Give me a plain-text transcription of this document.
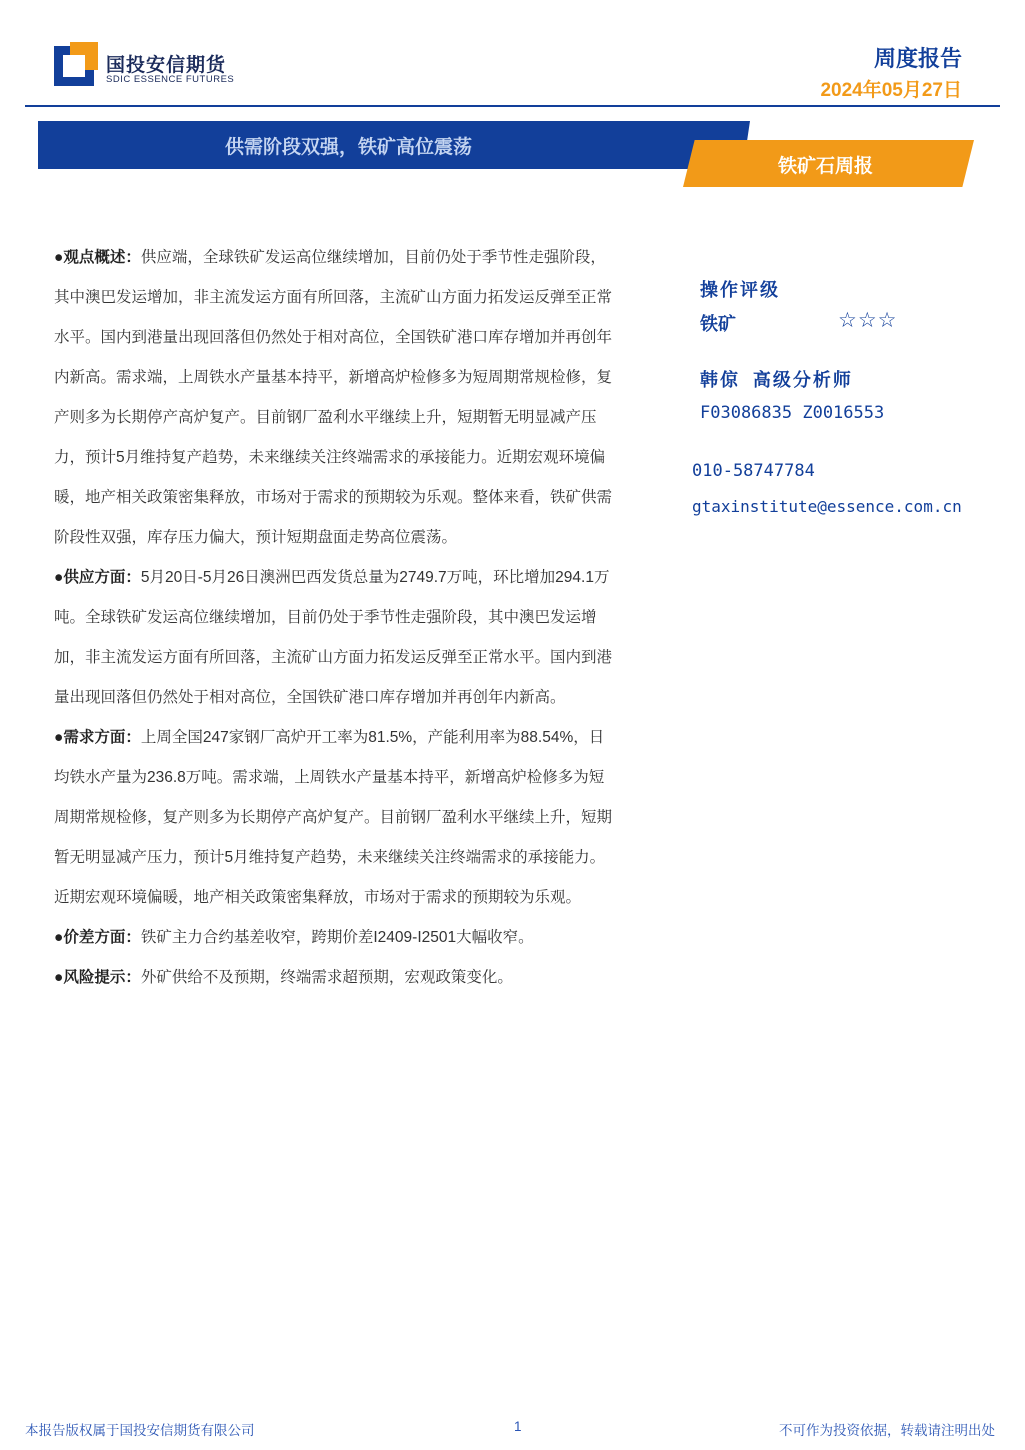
国投安信期货
SDIC ESSENCE FUTURES
周度报告
2024年05月27日
供需阶段双强，铁矿高位震荡
铁矿石周报

●观点概述：供应端，全球铁矿发运高位继续增加，目前仍处于季节性走强阶段，其中澳巴发运增加，非主流发运方面有所回落，主流矿山方面力拓发运反弹至正常水平。国内到港量出现回落但仍然处于相对高位，全国铁矿港口库存增加并再创年内新高。需求端，上周铁水产量基本持平，新增高炉检修多为短周期常规检修，复产则多为长期停产高炉复产。目前钢厂盈利水平继续上升，短期暂无明显减产压力，预计5月维持复产趋势，未来继续关注终端需求的承接能力。近期宏观环境偏暖，地产相关政策密集释放，市场对于需求的预期较为乐观。整体来看，铁矿供需阶段性双强，库存压力偏大，预计短期盘面走势高位震荡。

●供应方面：5月20日-5月26日澳洲巴西发货总量为2749.7万吨，环比增加294.1万吨。全球铁矿发运高位继续增加，目前仍处于季节性走强阶段，其中澳巴发运增加，非主流发运方面有所回落，主流矿山方面力拓发运反弹至正常水平。国内到港量出现回落但仍然处于相对高位，全国铁矿港口库存增加并再创年内新高。

●需求方面：上周全国247家钢厂高炉开工率为81.5%，产能利用率为88.54%，日均铁水产量为236.8万吨。需求端，上周铁水产量基本持平，新增高炉检修多为短周期常规检修，复产则多为长期停产高炉复产。目前钢厂盈利水平继续上升，短期暂无明显减产压力，预计5月维持复产趋势，未来继续关注终端需求的承接能力。近期宏观环境偏暖，地产相关政策密集释放，市场对于需求的预期较为乐观。

●价差方面：铁矿主力合约基差收窄，跨期价差I2409-I2501大幅收窄。

●风险提示：外矿供给不及预期，终端需求超预期，宏观政策变化。

操作评级
铁矿	☆☆☆
韩倞 高级分析师
F03086835 Z0016553
010-58747784
gtaxinstitute@essence.com.cn
本报告版权属于国投安信期货有限公司	1	不可作为投资依据，转载请注明出处
